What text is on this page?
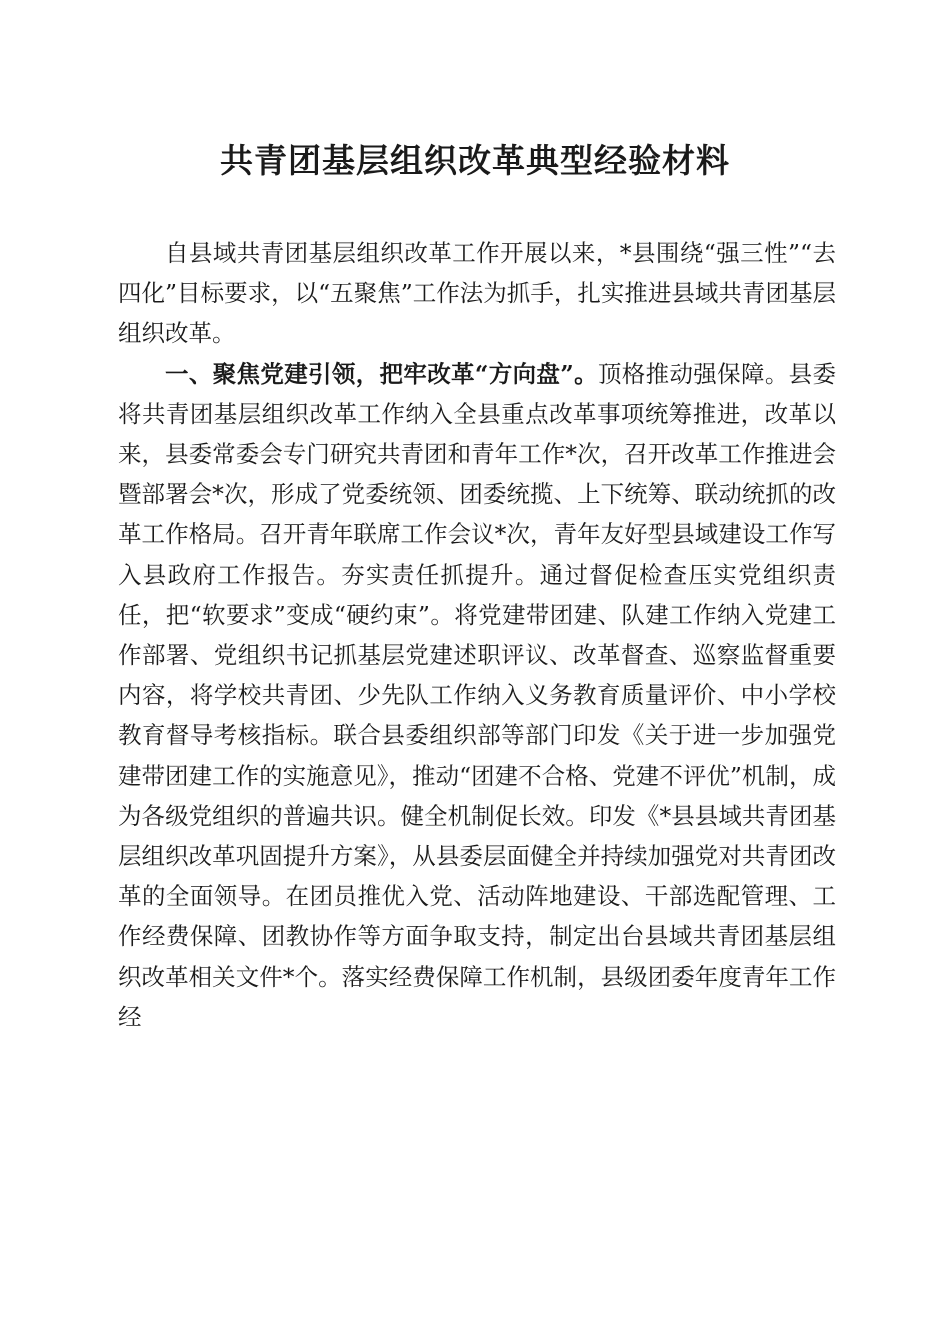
共青团基层组织改革典型经验材料

自县域共青团基层组织改革工作开展以来，*县围绕“强三性”“去四化”目标要求，以“五聚焦”工作法为抓手，扎实推进县域共青团基层组织改革。

一、聚焦党建引领，把牢改革“方向盘”。顶格推动强保障。县委将共青团基层组织改革工作纳入全县重点改革事项统筹推进，改革以来，县委常委会专门研究共青团和青年工作*次，召开改革工作推进会暨部署会*次，形成了党委统领、团委统揽、上下统筹、联动统抓的改革工作格局。召开青年联席工作会议*次，青年友好型县域建设工作写入县政府工作报告。夯实责任抓提升。通过督促检查压实党组织责任，把“软要求”变成“硬约束”。将党建带团建、队建工作纳入党建工作部署、党组织书记抓基层党建述职评议、改革督查、巡察监督重要内容，将学校共青团、少先队工作纳入义务教育质量评价、中小学校教育督导考核指标。联合县委组织部等部门印发《关于进一步加强党建带团建工作的实施意见》，推动“团建不合格、党建不评优”机制，成为各级党组织的普遍共识。健全机制促长效。印发《*县县域共青团基层组织改革巩固提升方案》，从县委层面健全并持续加强党对共青团改革的全面领导。在团员推优入党、活动阵地建设、干部选配管理、工作经费保障、团教协作等方面争取支持，制定出台县域共青团基层组织改革相关文件*个。落实经费保障工作机制，县级团委年度青年工作经
